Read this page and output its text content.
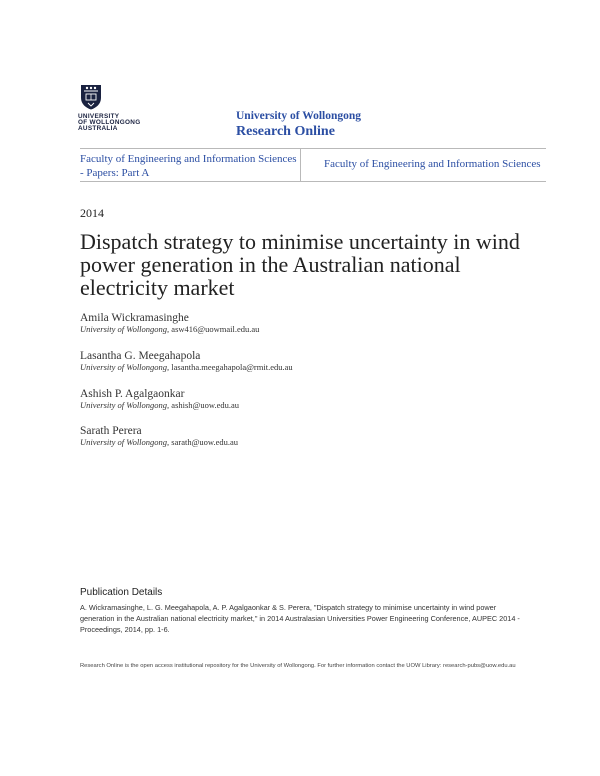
UNIVERSITY
OF WOLLONGONG
AUSTRALIA
University of Wollongong
Research Online
Faculty of Engineering and Information Sciences - Papers: Part A
Faculty of Engineering and Information Sciences
2014
Dispatch strategy to minimise uncertainty in wind power generation in the Australian national electricity market
Amila Wickramasinghe
University of Wollongong, asw416@uowmail.edu.au
Lasantha G. Meegahapola
University of Wollongong, lasantha.meegahapola@rmit.edu.au
Ashish P. Agalgaonkar
University of Wollongong, ashish@uow.edu.au
Sarath Perera
University of Wollongong, sarath@uow.edu.au
Publication Details
A. Wickramasinghe, L. G. Meegahapola, A. P. Agalgaonkar & S. Perera, "Dispatch strategy to minimise uncertainty in wind power generation in the Australian national electricity market," in 2014 Australasian Universities Power Engineering Conference, AUPEC 2014 - Proceedings, 2014, pp. 1-6.
Research Online is the open access institutional repository for the University of Wollongong. For further information contact the UOW Library: research-pubs@uow.edu.au
